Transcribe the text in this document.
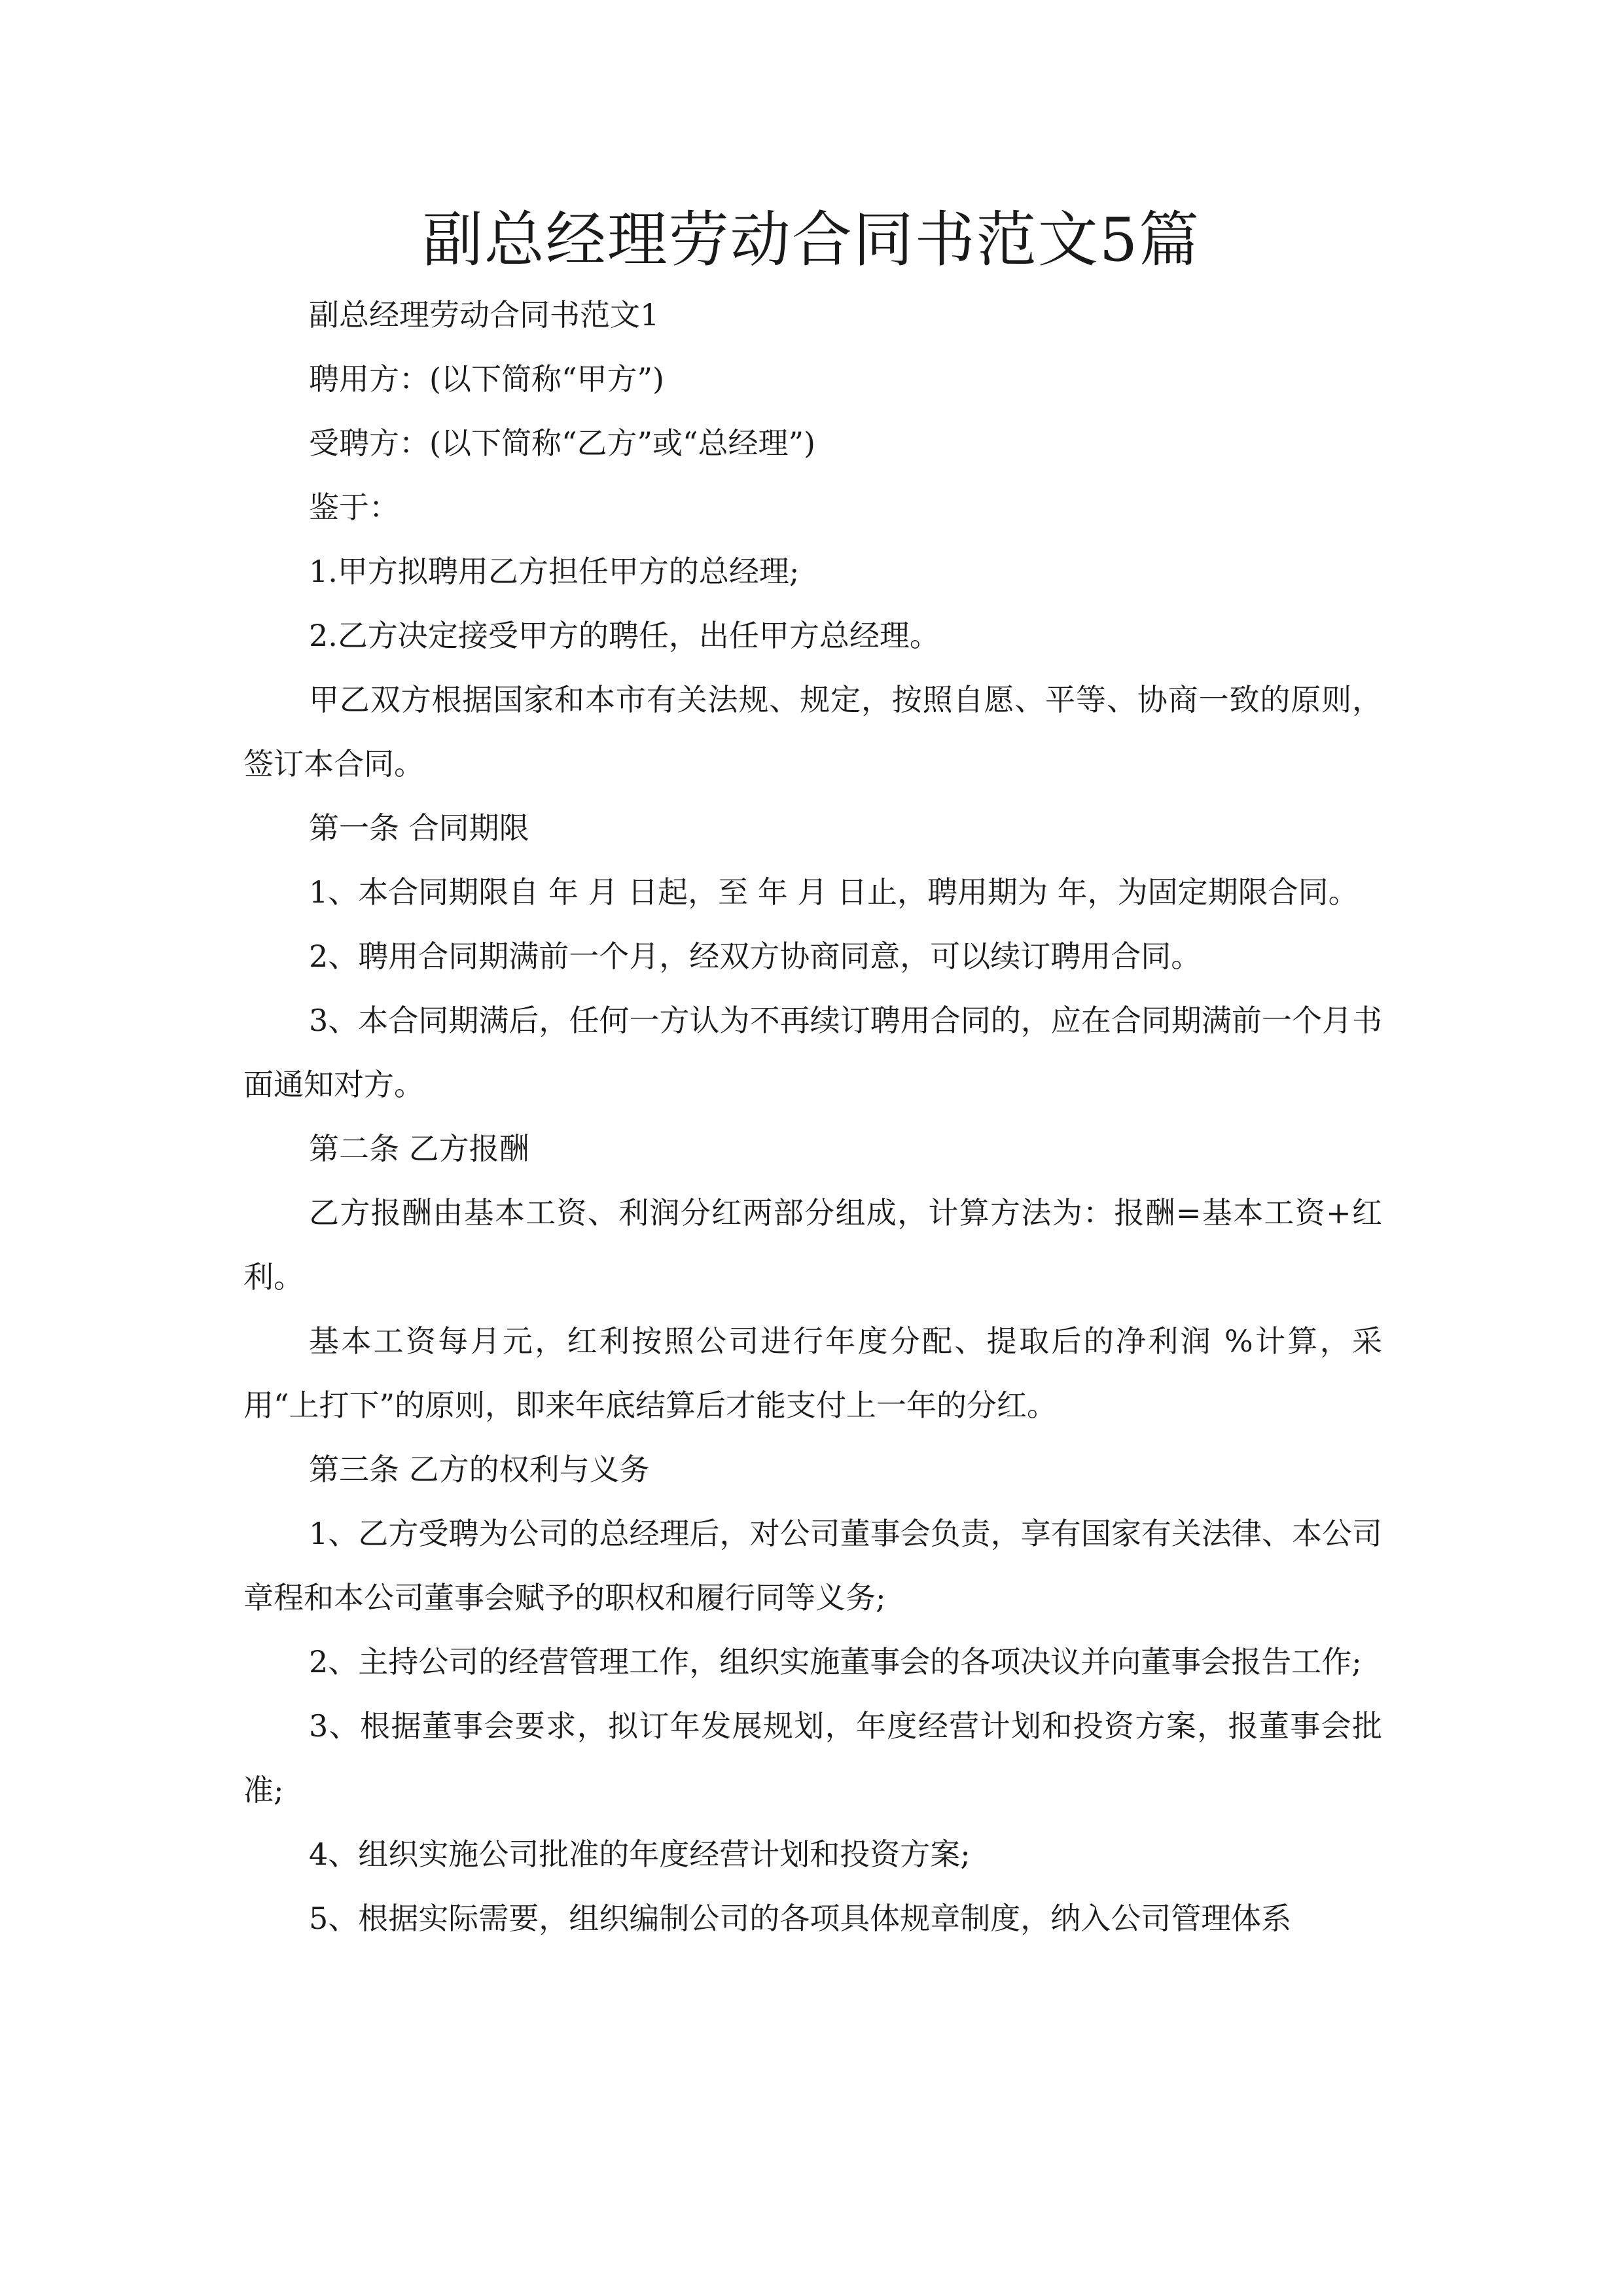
副总经理劳动合同书范文5篇

副总经理劳动合同书范文1

聘用方：(以下简称“甲方”)

受聘方：(以下简称“乙方”或“总经理”)

鉴于：

1.甲方拟聘用乙方担任甲方的总经理;

2.乙方决定接受甲方的聘任，出任甲方总经理。

甲乙双方根据国家和本市有关法规、规定，按照自愿、平等、协商一致的原则，签订本合同。

第一条 合同期限

1、本合同期限自 年 月 日起，至 年 月 日止，聘用期为 年，为固定期限合同。

2、聘用合同期满前一个月，经双方协商同意，可以续订聘用合同。

3、本合同期满后，任何一方认为不再续订聘用合同的，应在合同期满前一个月书面通知对方。

第二条 乙方报酬

乙方报酬由基本工资、利润分红两部分组成，计算方法为：报酬=基本工资+红利。

基本工资每月元，红利按照公司进行年度分配、提取后的净利润 %计算，采用“上打下”的原则，即来年底结算后才能支付上一年的分红。

第三条 乙方的权利与义务

1、乙方受聘为公司的总经理后，对公司董事会负责，享有国家有关法律、本公司章程和本公司董事会赋予的职权和履行同等义务;

2、主持公司的经营管理工作，组织实施董事会的各项决议并向董事会报告工作;

3、根据董事会要求，拟订年发展规划，年度经营计划和投资方案，报董事会批准;

4、组织实施公司批准的年度经营计划和投资方案;

5、根据实际需要，组织编制公司的各项具体规章制度，纳入公司管理体系
